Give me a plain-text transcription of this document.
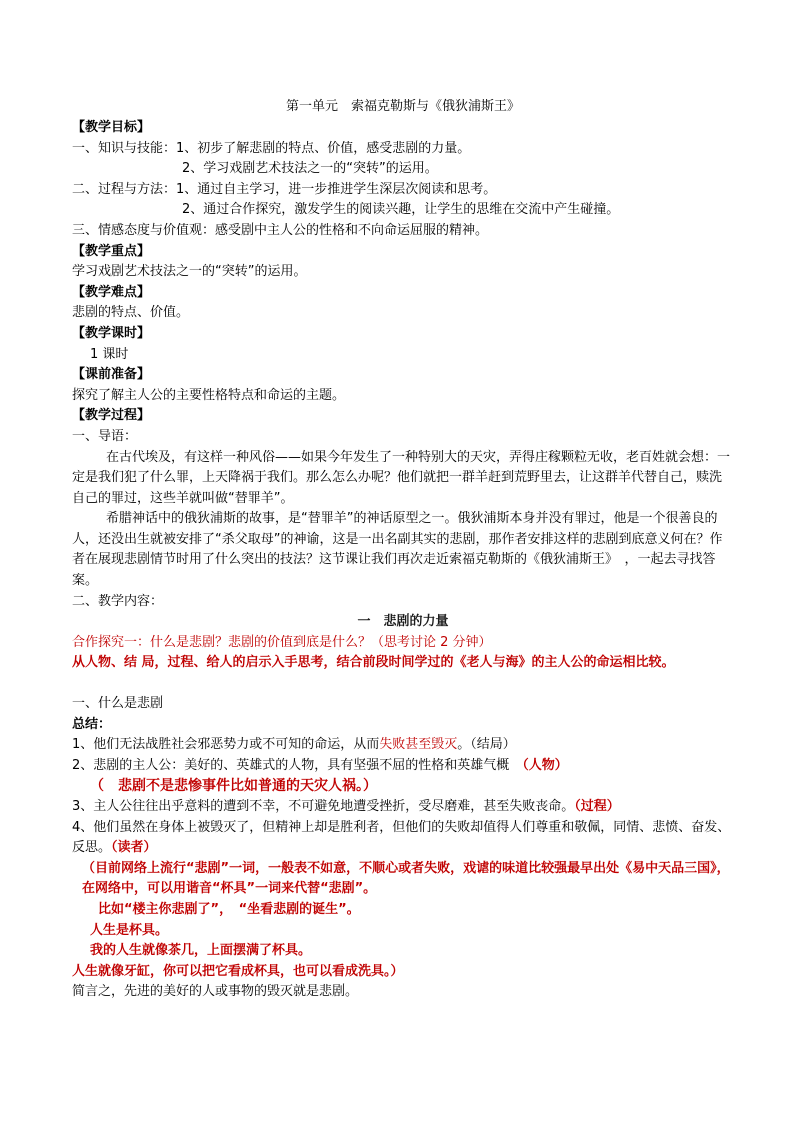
第一单元　索福克勒斯与《俄狄浦斯王》
【教学目标】
一、知识与技能：1、初步了解悲剧的特点、价值，感受悲剧的力量。
2、学习戏剧艺术技法之一的“突转”的运用。
二、过程与方法：1、通过自主学习，进一步推进学生深层次阅读和思考。
2、通过合作探究，激发学生的阅读兴趣，让学生的思维在交流中产生碰撞。
三、情感态度与价值观：感受剧中主人公的性格和不向命运屈服的精神。
【教学重点】
学习戏剧艺术技法之一的“突转”的运用。
【教学难点】
悲剧的特点、价值。
【教学课时】
1 课时
【课前准备】
探究了解主人公的主要性格特点和命运的主题。
【教学过程】
一、导语：
在古代埃及，有这样一种风俗——如果今年发生了一种特别大的天灾，弄得庄稼颗粒无收，老百姓就会想：一定是我们犯了什么罪，上天降祸于我们。那么怎么办呢？他们就把一群羊赶到荒野里去，让这群羊代替自己，赎洗自己的罪过，这些羊就叫做“替罪羊”。
希腊神话中的俄狄浦斯的故事，是“替罪羊”的神话原型之一。俄狄浦斯本身并没有罪过，他是一个很善良的人，还没出生就被安排了“杀父取母”的神谕，这是一出名副其实的悲剧，那作者安排这样的悲剧到底意义何在？作者在展现悲剧情节时用了什么突出的技法？这节课让我们再次走近索福克勒斯的《俄狄浦斯王》　，一起去寻找答案。
二、教学内容：
一　悲剧的力量
合作探究一：什么是悲剧？悲剧的价值到底是什么？（思考讨论 2 分钟）
从人物、结 局，过程、给人的启示入手思考，结合前段时间学过的《老人与海》的主人公的命运相比较。
一、什么是悲剧
总结：
1、他们无法战胜社会邪恶势力或不可知的命运，从而失败甚至毁灭。（结局）
2、悲剧的主人公：美好的、英雄式的人物，具有坚强不屈的性格和英雄气概　（人物）
（　悲剧不是悲惨事件比如普通的天灾人祸。）
3、主人公往往出乎意料的遭到不幸，不可避免地遭受挫折，受尽磨难，甚至失败丧命。（过程）
4、他们虽然在身体上被毁灭了，但精神上却是胜利者，但他们的失败却值得人们尊重和敬佩，同情、悲愤、奋发、反思。（读者）
（目前网络上流行“悲剧”一词，一般表不如意，不顺心或者失败，戏谑的味道比较强最早出处《易中天品三国》，在网络中，可以用谐音“杯具”一词来代替“悲剧”。
比如“楼主你悲剧了”，　“坐看悲剧的诞生”。
人生是杯具。
我的人生就像茶几，上面摆满了杯具。
人生就像牙缸，你可以把它看成杯具，也可以看成洗具。）
简言之，先进的美好的人或事物的毁灭就是悲剧。
